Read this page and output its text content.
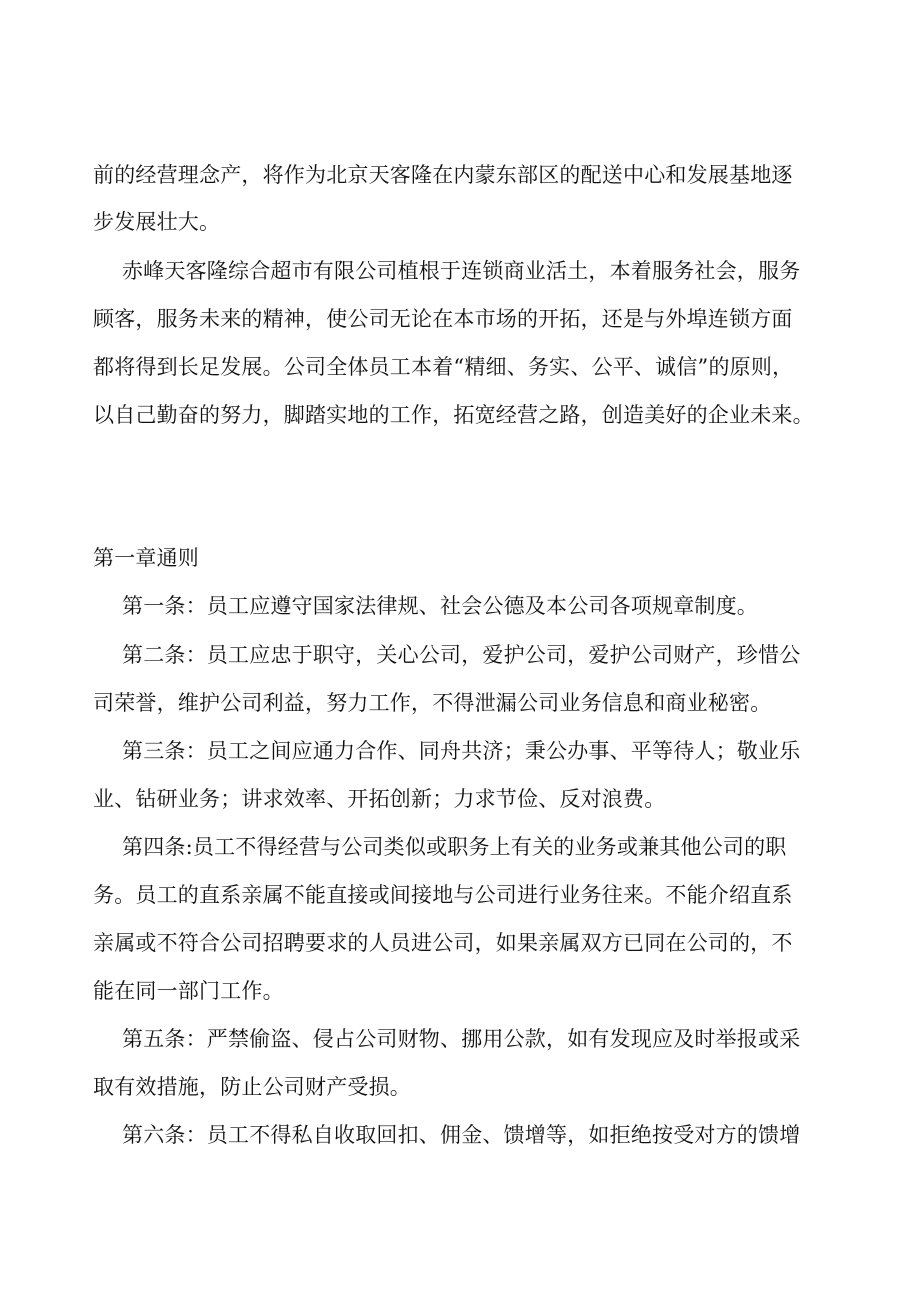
前的经营理念产，将作为北京天客隆在内蒙东部区的配送中心和发展基地逐
步发展壮大。
赤峰天客隆综合超市有限公司植根于连锁商业活土，本着服务社会，服务
顾客，服务未来的精神，使公司无论在本市场的开拓，还是与外埠连锁方面
都将得到长足发展。公司全体员工本着“精细、务实、公平、诚信”的原则，
以自己勤奋的努力，脚踏实地的工作，拓宽经营之路，创造美好的企业未来。
第一章通则
第一条：员工应遵守国家法律规、社会公德及本公司各项规章制度。
第二条：员工应忠于职守，关心公司，爱护公司，爱护公司财产，珍惜公
司荣誉，维护公司利益，努力工作，不得泄漏公司业务信息和商业秘密。
第三条：员工之间应通力合作、同舟共济；秉公办事、平等待人；敬业乐
业、钻研业务；讲求效率、开拓创新；力求节俭、反对浪费。
第四条:员工不得经营与公司类似或职务上有关的业务或兼其他公司的职
务。员工的直系亲属不能直接或间接地与公司进行业务往来。不能介绍直系
亲属或不符合公司招聘要求的人员进公司，如果亲属双方已同在公司的，不
能在同一部门工作。
第五条：严禁偷盗、侵占公司财物、挪用公款，如有发现应及时举报或采
取有效措施，防止公司财产受损。
第六条：员工不得私自收取回扣、佣金、馈增等，如拒绝按受对方的馈增
